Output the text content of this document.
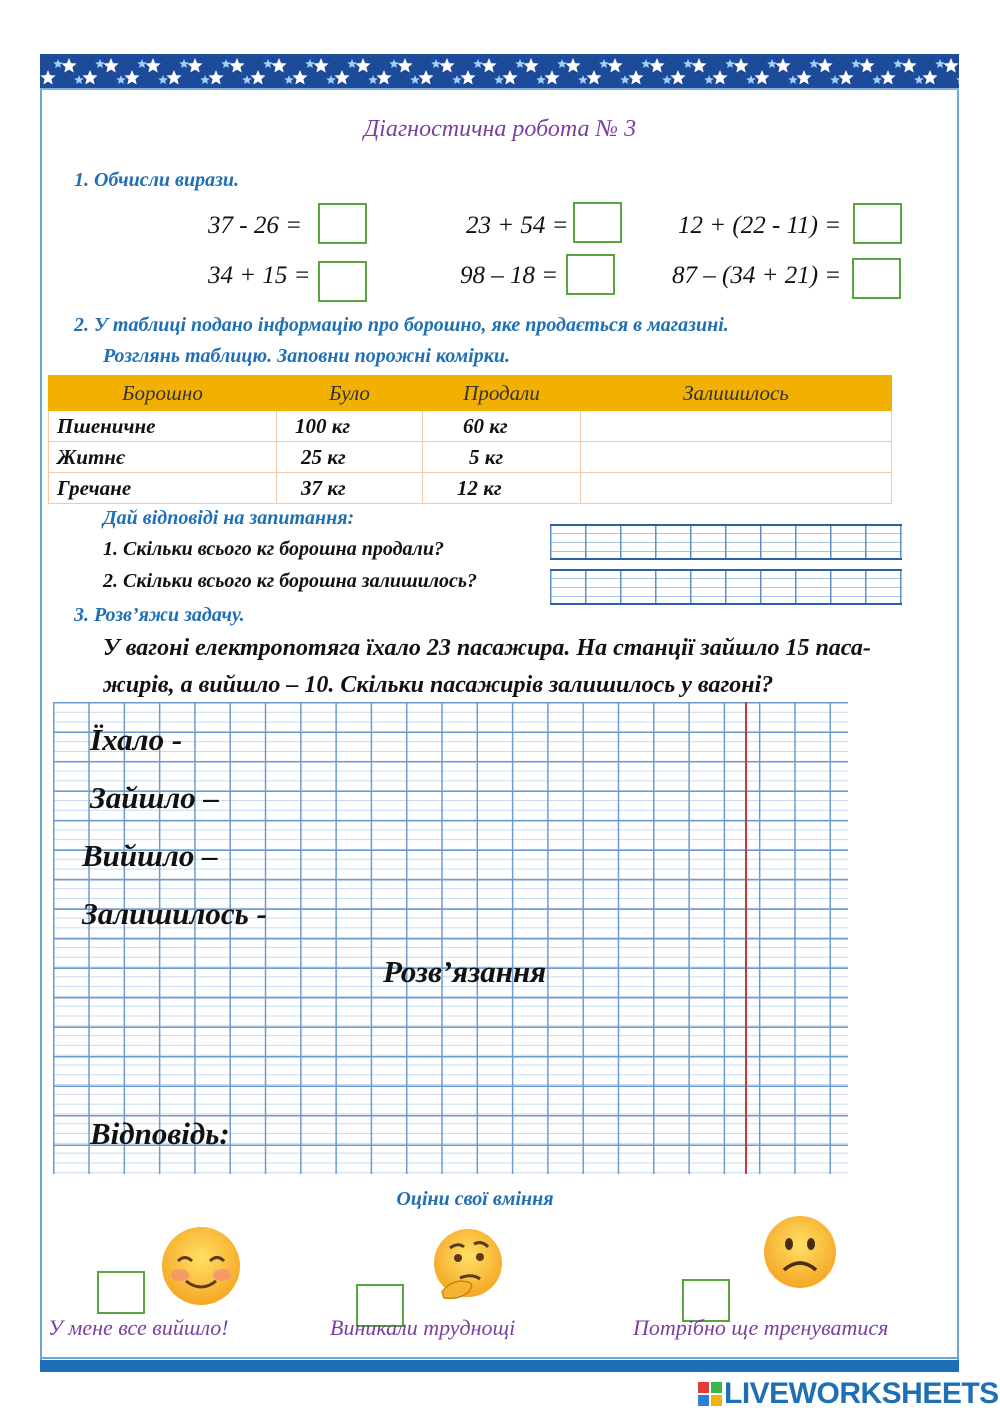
Діагностична робота № 3
1. Обчисли вирази.
37 - 26 =	23 + 54 =	12 + (22 - 11) =
34 + 15 =	98 – 18 =	87 – (34 + 21) =
2. У таблиці подано інформацію про борошно, яке продається в магазині.
Розглянь таблицю. Заповни порожні комірки.
Борошно	Було	Продали	Залишилось
Пшеничне	100 кг	60 кг	
Житнє	25 кг	5 кг	
Гречане	37 кг	12 кг	
Дай відповіді на запитання:
1. Скільки всього кг борошна продали?
2. Скільки всього кг борошна залишилось?
3. Розв’яжи задачу.
У вагоні електропотяга їхало 23 пасажира. На станції зайшло 15 паса-
жирів, а вийшло – 10. Скільки пасажирів залишилось у вагоні?
Їхало -
Зайшло –
Вийшло –
Залишилось -
Розв’язання
Відповідь:
Оціни свої вміння
У мене все вийшло!	Виникали труднощі	Потрібно ще тренуватися
LIVEWORKSHEETS
